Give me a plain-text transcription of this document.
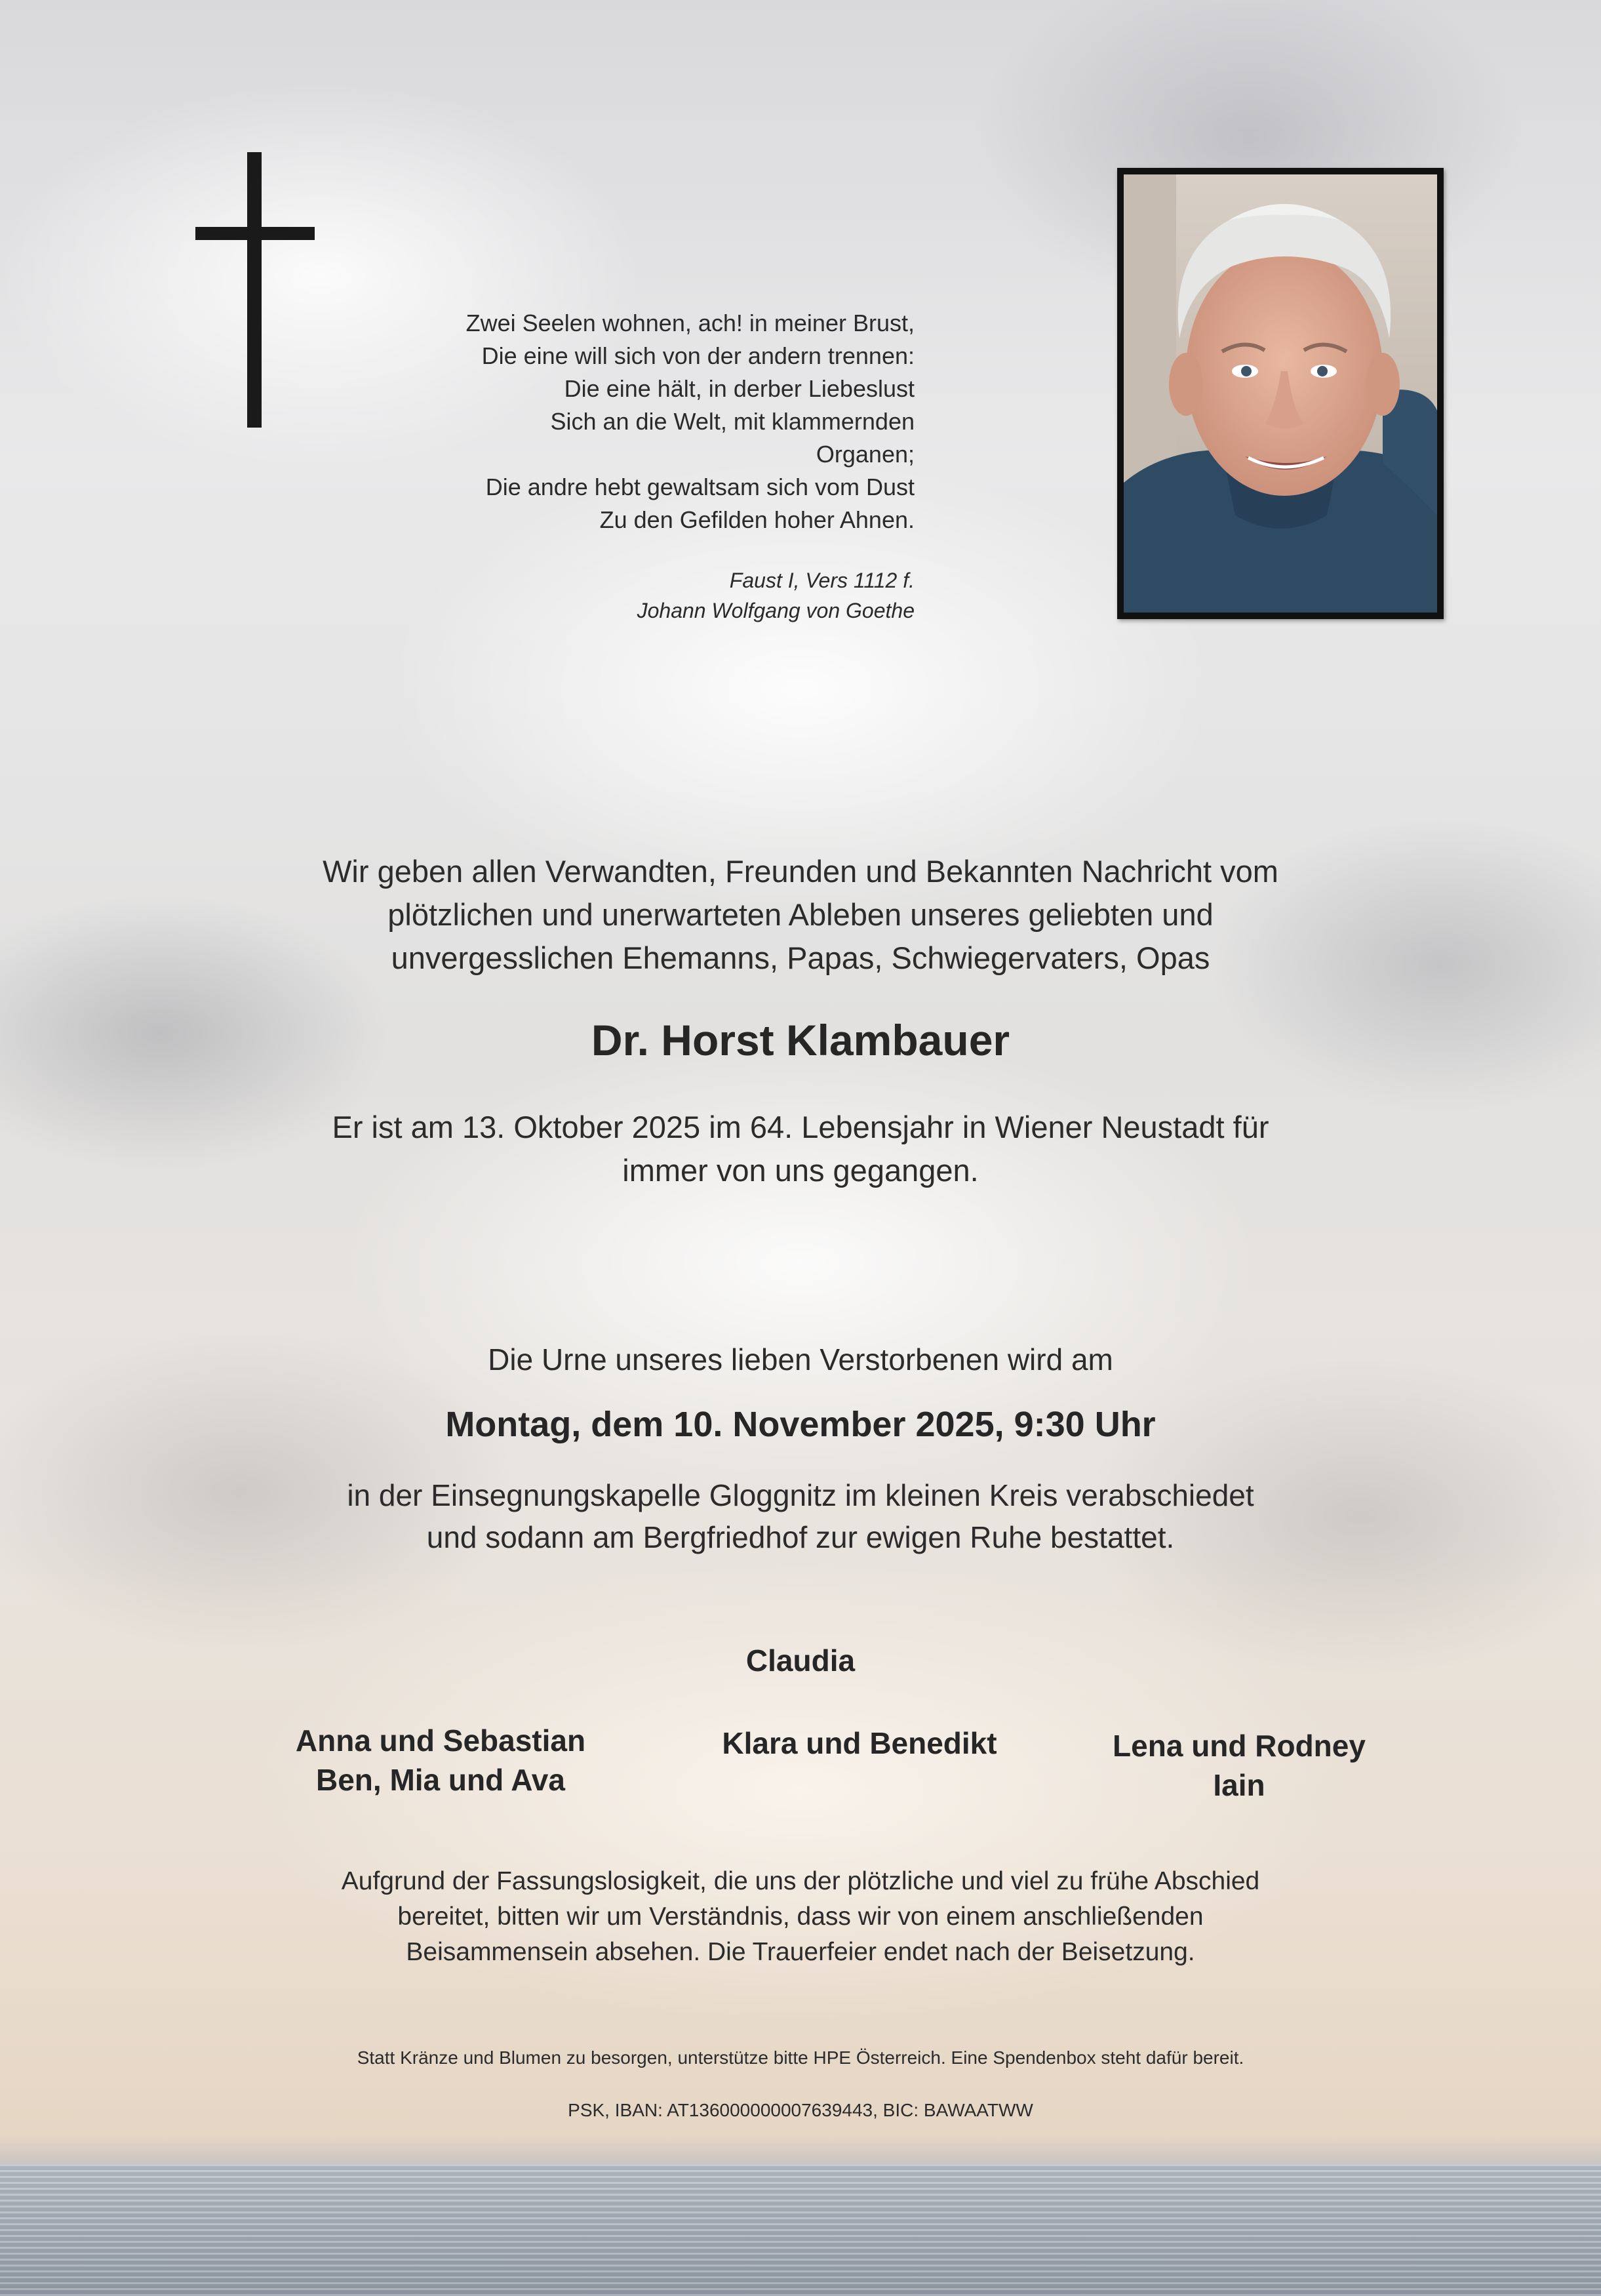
Zwei Seelen wohnen, ach! in meiner Brust,
Die eine will sich von der andern trennen:
Die eine hält, in derber Liebeslust
Sich an die Welt, mit klammernden
Organen;
Die andre hebt gewaltsam sich vom Dust
Zu den Gefilden hoher Ahnen.
Faust I, Vers 1112 f.
Johann Wolfgang von Goethe
Wir geben allen Verwandten, Freunden und Bekannten Nachricht vom
plötzlichen und unerwarteten Ableben unseres geliebten und
unvergesslichen Ehemanns, Papas, Schwiegervaters, Opas
Dr. Horst Klambauer
Er ist am 13. Oktober 2025 im 64. Lebensjahr in Wiener Neustadt für
immer von uns gegangen.
Die Urne unseres lieben Verstorbenen wird am
Montag, dem 10. November 2025, 9:30 Uhr
in der Einsegnungskapelle Gloggnitz im kleinen Kreis verabschiedet
und sodann am Bergfriedhof zur ewigen Ruhe bestattet.
Claudia
Anna und Sebastian
Ben, Mia und Ava
Klara und Benedikt	Lena und Rodney
Iain
Aufgrund der Fassungslosigkeit, die uns der plötzliche und viel zu frühe Abschied
bereitet, bitten wir um Verständnis, dass wir von einem anschließenden
Beisammensein absehen. Die Trauerfeier endet nach der Beisetzung.
Statt Kränze und Blumen zu besorgen, unterstütze bitte HPE Österreich. Eine Spendenbox steht dafür bereit.
PSK, IBAN: AT136000000007639443, BIC: BAWAATWW
